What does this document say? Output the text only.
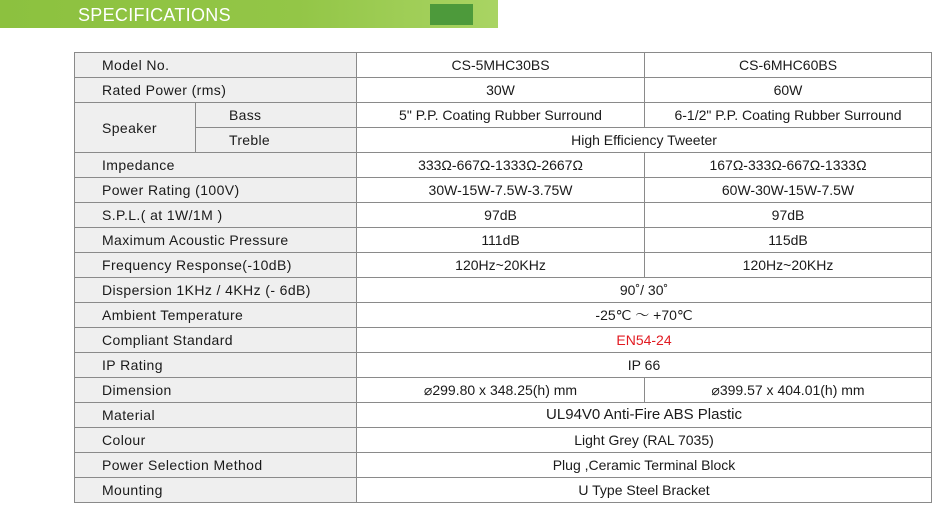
SPECIFICATIONS
Model No.		CS-5MHC30BS	CS-6MHC60BS
Rated Power (rms)		30W	60W
Speaker	Bass	5" P.P. Coating Rubber Surround	6-1/2" P.P. Coating Rubber Surround
	Treble	High Efficiency Tweeter	
Impedance		333Ω-667Ω-1333Ω-2667Ω	167Ω-333Ω-667Ω-1333Ω
Power Rating (100V)		30W-15W-7.5W-3.75W	60W-30W-15W-7.5W
S.P.L.( at 1W/1M )		97dB	97dB
Maximum Acoustic Pressure		111dB	115dB
Frequency Response(-10dB)		120Hz~20KHz	120Hz~20KHz
Dispersion 1KHz / 4KHz (- 6dB)		90˚/ 30˚	
Ambient Temperature		-25℃ ～ +70℃	
Compliant Standard		EN54-24	
IP Rating		IP 66	
Dimension		⌀299.80 x 348.25(h) mm	⌀399.57 x 404.01(h) mm
Material		UL94V0 Anti-Fire ABS Plastic	
Colour		Light Grey (RAL 7035)	
Power Selection Method		Plug ,Ceramic Terminal Block	
Mounting		U Type Steel Bracket	
